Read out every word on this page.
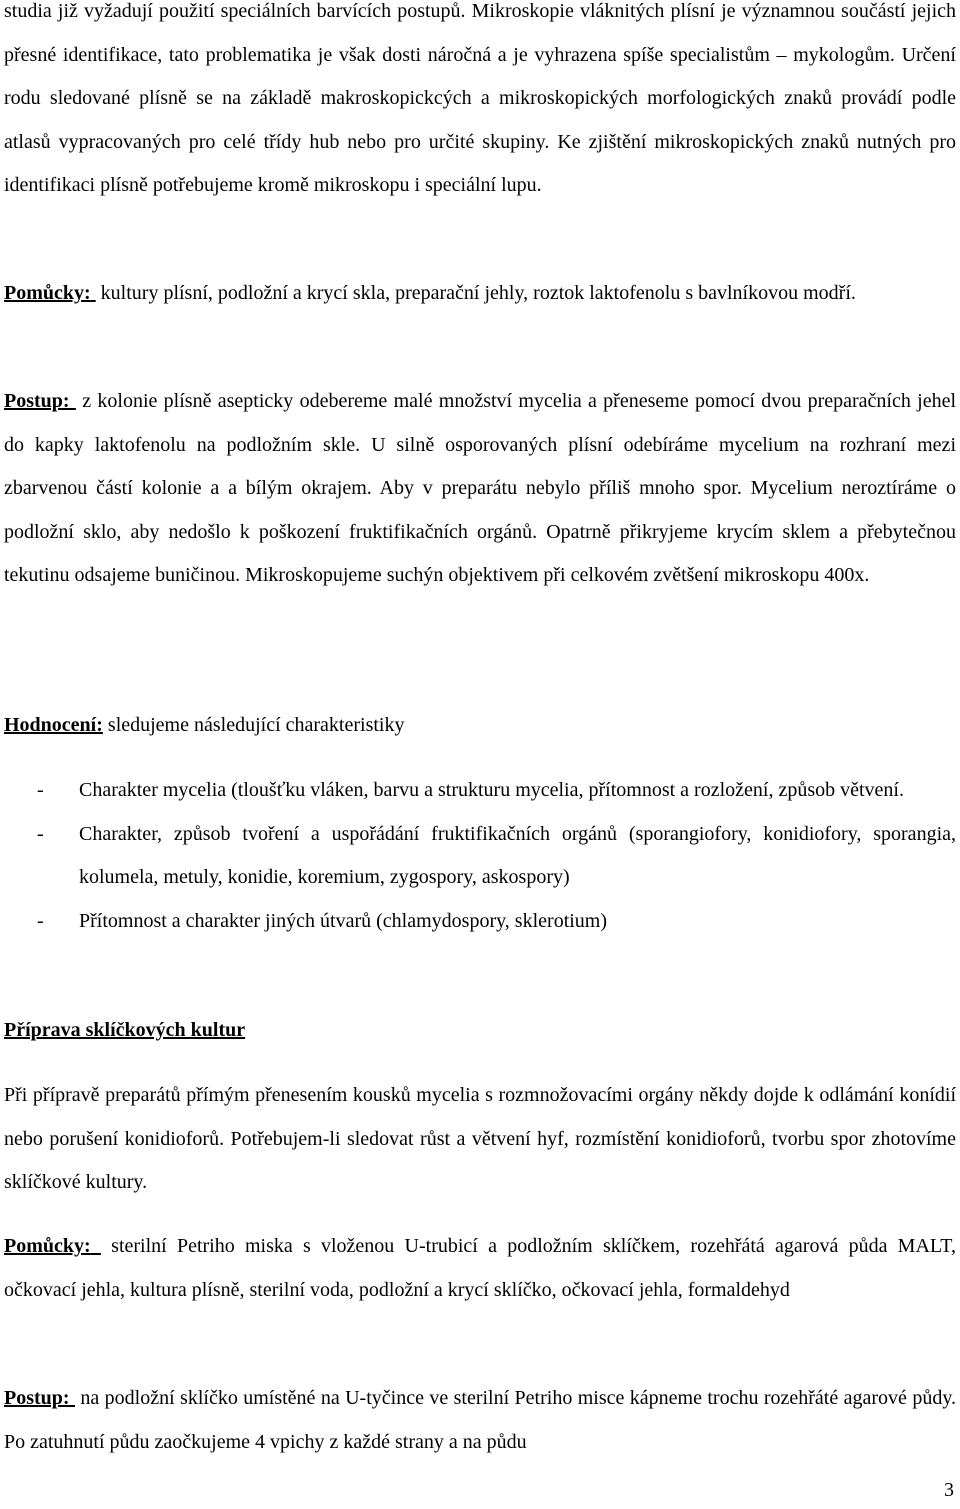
studia již vyžadují použití speciálních barvících postupů. Mikroskopie vláknitých plísní je významnou součástí jejich přesné identifikace, tato problematika je však dosti náročná a je vyhrazena spíše specialistům – mykologům. Určení rodu sledované plísně se na základě makroskopickcých a mikroskopických morfologických znaků provádí podle atlasů vypracovaných pro celé třídy hub nebo pro určité skupiny. Ke zjištění mikroskopických znaků nutných pro identifikaci plísně potřebujeme kromě mikroskopu i speciální lupu.

Pomůcky: kultury plísní, podložní a krycí skla, preparační jehly, roztok laktofenolu s bavlníkovou modří.

Postup: z kolonie plísně asepticky odebereme malé množství mycelia a přeneseme pomocí dvou preparačních jehel do kapky laktofenolu na podložním skle. U silně osporovaných plísní odebíráme mycelium na rozhraní mezi zbarvenou částí kolonie a a bílým okrajem. Aby v preparátu nebylo příliš mnoho spor. Mycelium neroztíráme o podložní sklo, aby nedošlo k poškození fruktifikačních orgánů. Opatrně přikryjeme krycím sklem a přebytečnou tekutinu odsajeme buničinou. Mikroskopujeme suchýn objektivem při celkovém zvětšení mikroskopu 400x.

Hodnocení: sledujeme následující charakteristiky

- Charakter mycelia (tloušťku vláken, barvu a strukturu mycelia, přítomnost a rozložení, způsob větvení.
- Charakter, způsob tvoření a uspořádání fruktifikačních orgánů (sporangiofory, konidiofory, sporangia, kolumela, metuly, konidie, koremium, zygospory, askospory)
- Přítomnost a charakter jiných útvarů (chlamydospory, sklerotium)

Příprava sklíčkových kultur

Při přípravě preparátů přímým přenesením kousků mycelia s rozmnožovacími orgány někdy dojde k odlámání konídií nebo porušení konidioforů. Potřebujem-li sledovat růst a větvení hyf, rozmístění konidioforů, tvorbu spor zhotovíme sklíčkové kultury.

Pomůcky: sterilní Petriho miska s vloženou U-trubicí a podložním sklíčkem, rozehřátá agarová půda MALT, očkovací jehla, kultura plísně, sterilní voda, podložní a krycí sklíčko, očkovací jehla, formaldehyd

Postup: na podložní sklíčko umístěné na U-tyčince ve sterilní Petriho misce kápneme trochu rozehřáté agarové půdy. Po zatuhnutí půdu zaočkujeme 4 vpichy z každé strany a na půdu

3
